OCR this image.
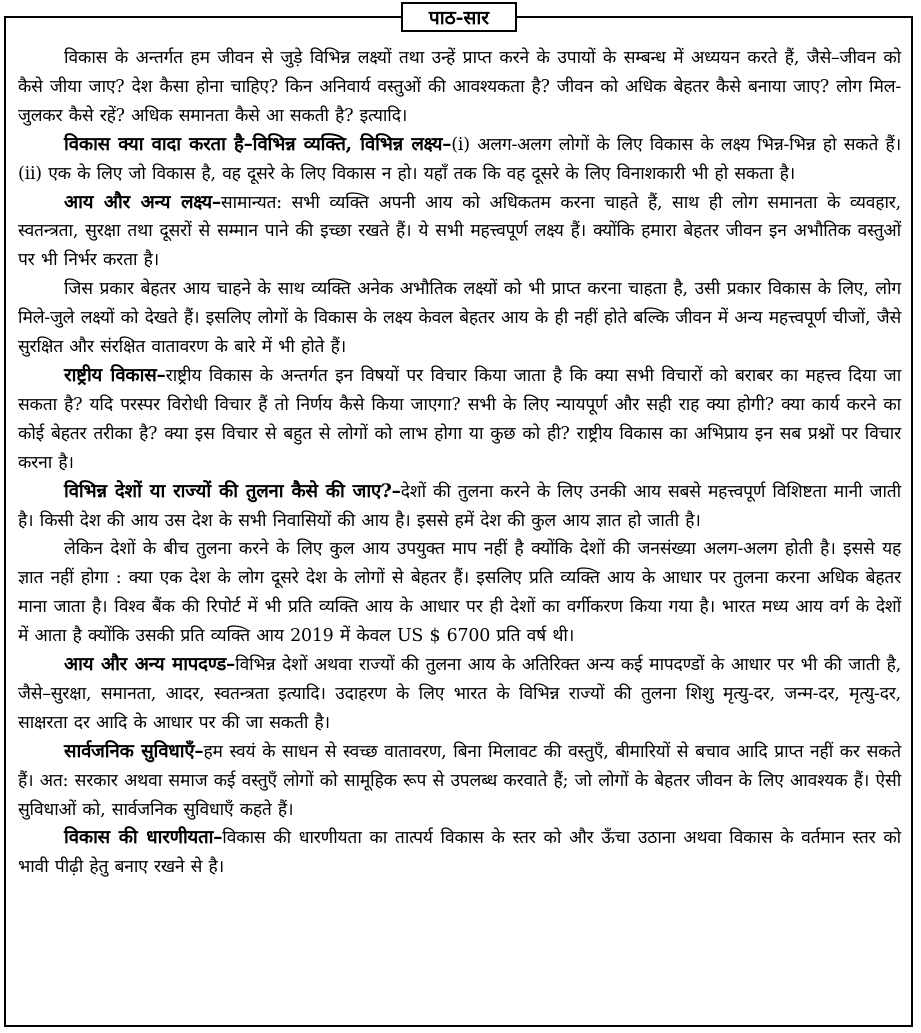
पाठ-सार

विकास के अन्तर्गत हम जीवन से जुड़े विभिन्न लक्ष्यों तथा उन्हें प्राप्त करने के उपायों के सम्बन्ध में अध्ययन करते हैं, जैसे–जीवन को कैसे जीया जाए? देश कैसा होना चाहिए? किन अनिवार्य वस्तुओं की आवश्यकता है? जीवन को अधिक बेहतर कैसे बनाया जाए? लोग मिल-जुलकर कैसे रहें? अधिक समानता कैसे आ सकती है? इत्यादि।

विकास क्या वादा करता है–विभिन्न व्यक्ति, विभिन्न लक्ष्य–(i) अलग-अलग लोगों के लिए विकास के लक्ष्य भिन्न-भिन्न हो सकते हैं। (ii) एक के लिए जो विकास है, वह दूसरे के लिए विकास न हो। यहाँ तक कि वह दूसरे के लिए विनाशकारी भी हो सकता है।

आय और अन्य लक्ष्य–सामान्यत: सभी व्यक्ति अपनी आय को अधिकतम करना चाहते हैं, साथ ही लोग समानता के व्यवहार, स्वतन्त्रता, सुरक्षा तथा दूसरों से सम्मान पाने की इच्छा रखते हैं। ये सभी महत्त्वपूर्ण लक्ष्य हैं। क्योंकि हमारा बेहतर जीवन इन अभौतिक वस्तुओं पर भी निर्भर करता है।

जिस प्रकार बेहतर आय चाहने के साथ व्यक्ति अनेक अभौतिक लक्ष्यों को भी प्राप्त करना चाहता है, उसी प्रकार विकास के लिए, लोग मिले-जुले लक्ष्यों को देखते हैं। इसलिए लोगों के विकास के लक्ष्य केवल बेहतर आय के ही नहीं होते बल्कि जीवन में अन्य महत्त्वपूर्ण चीजों, जैसे सुरक्षित और संरक्षित वातावरण के बारे में भी होते हैं।

राष्ट्रीय विकास–राष्ट्रीय विकास के अन्तर्गत इन विषयों पर विचार किया जाता है कि क्या सभी विचारों को बराबर का महत्त्व दिया जा सकता है? यदि परस्पर विरोधी विचार हैं तो निर्णय कैसे किया जाएगा? सभी के लिए न्यायपूर्ण और सही राह क्या होगी? क्या कार्य करने का कोई बेहतर तरीका है? क्या इस विचार से बहुत से लोगों को लाभ होगा या कुछ को ही? राष्ट्रीय विकास का अभिप्राय इन सब प्रश्नों पर विचार करना है।

विभिन्न देशों या राज्यों की तुलना कैसे की जाए?–देशों की तुलना करने के लिए उनकी आय सबसे महत्त्वपूर्ण विशिष्टता मानी जाती है। किसी देश की आय उस देश के सभी निवासियों की आय है। इससे हमें देश की कुल आय ज्ञात हो जाती है।

लेकिन देशों के बीच तुलना करने के लिए कुल आय उपयुक्त माप नहीं है क्योंकि देशों की जनसंख्या अलग-अलग होती है। इससे यह ज्ञात नहीं होगा : क्या एक देश के लोग दूसरे देश के लोगों से बेहतर हैं। इसलिए प्रति व्यक्ति आय के आधार पर तुलना करना अधिक बेहतर माना जाता है। विश्व बैंक की रिपोर्ट में भी प्रति व्यक्ति आय के आधार पर ही देशों का वर्गीकरण किया गया है। भारत मध्य आय वर्ग के देशों में आता है क्योंकि उसकी प्रति व्यक्ति आय 2019 में केवल US $ 6700 प्रति वर्ष थी।

आय और अन्य मापदण्ड–विभिन्न देशों अथवा राज्यों की तुलना आय के अतिरिक्त अन्य कई मापदण्डों के आधार पर भी की जाती है, जैसे–सुरक्षा, समानता, आदर, स्वतन्त्रता इत्यादि। उदाहरण के लिए भारत के विभिन्न राज्यों की तुलना शिशु मृत्यु-दर, जन्म-दर, मृत्यु-दर, साक्षरता दर आदि के आधार पर की जा सकती है।

सार्वजनिक सुविधाएँ–हम स्वयं के साधन से स्वच्छ वातावरण, बिना मिलावट की वस्तुएँ, बीमारियों से बचाव आदि प्राप्त नहीं कर सकते हैं। अत: सरकार अथवा समाज कई वस्तुएँ लोगों को सामूहिक रूप से उपलब्ध करवाते हैं; जो लोगों के बेहतर जीवन के लिए आवश्यक हैं। ऐसी सुविधाओं को, सार्वजनिक सुविधाएँ कहते हैं।

विकास की धारणीयता–विकास की धारणीयता का तात्पर्य विकास के स्तर को और ऊँचा उठाना अथवा विकास के वर्तमान स्तर को भावी पीढ़ी हेतु बनाए रखने से है।
